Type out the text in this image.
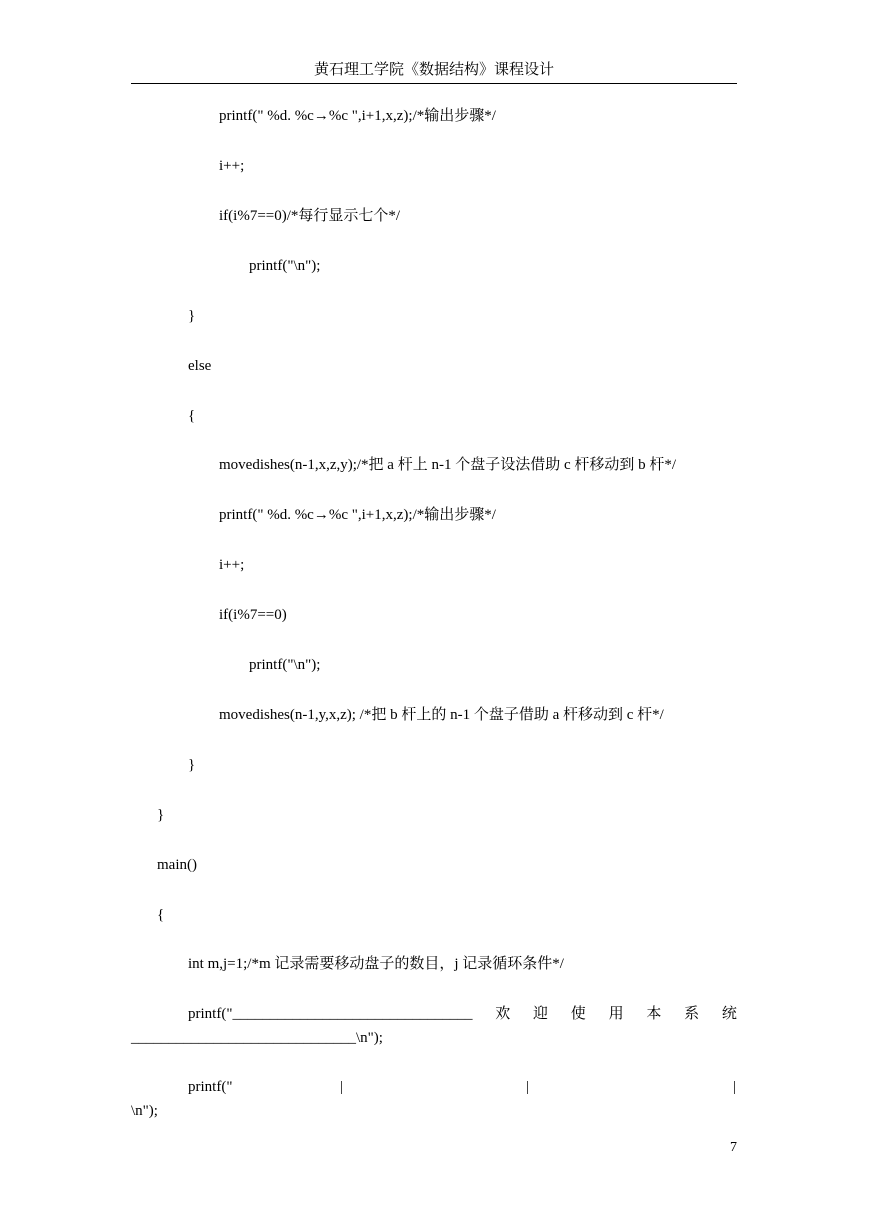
黄石理工学院《数据结构》课程设计
printf(" %d. %c→%c ",i+1,x,z);/*输出步骤*/
i++;
if(i%7==0)/*每行显示七个*/
printf("\n");
}
else
{
movedishes(n-1,x,z,y);/*把 a 杆上 n-1 个盘子设法借助 c 杆移动到 b 杆*/
printf(" %d. %c→%c ",i+1,x,z);/*输出步骤*/
i++;
if(i%7==0)
printf("\n");
movedishes(n-1,y,x,z); /*把 b 杆上的 n-1 个盘子借助 a 杆移动到 c 杆*/
}
}
main()
{
int m,j=1;/*m 记录需要移动盘子的数目，j 记录循环条件*/
printf("________________________________ 欢 迎 使 用 本 系 统
______________________________\n");
printf("	|	|	|
\n");
7
